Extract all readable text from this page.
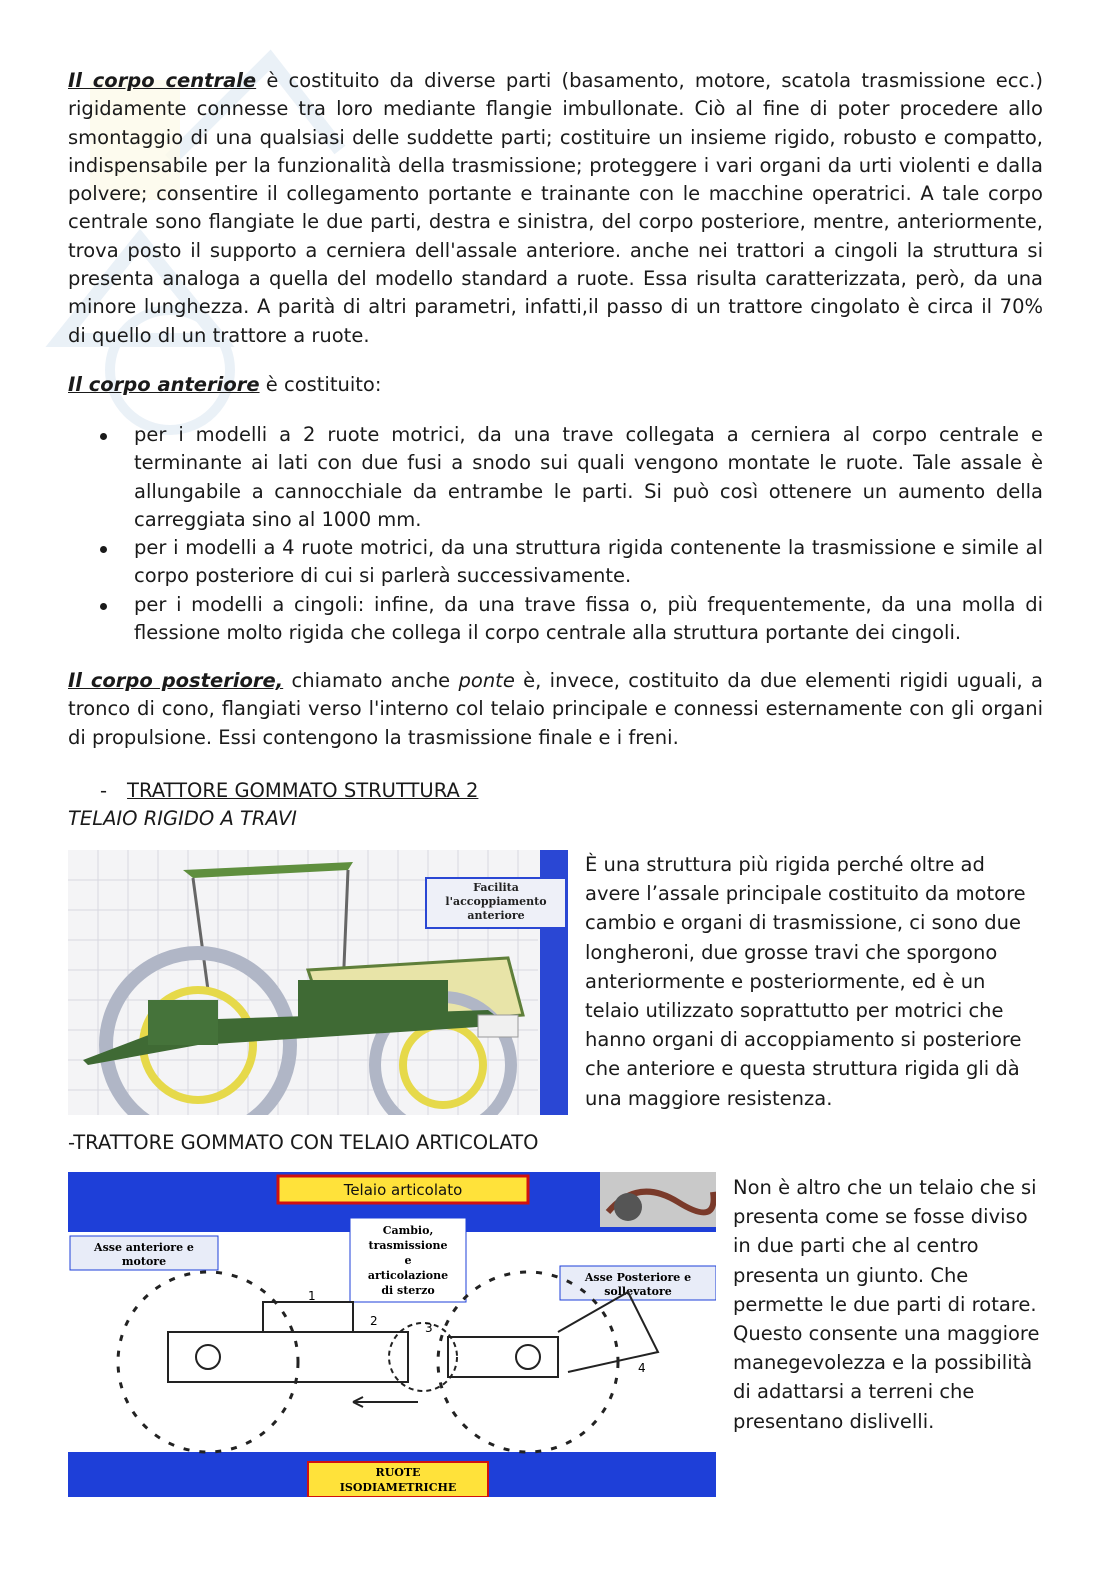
Il corpo centrale è costituito da diverse parti (basamento, motore, scatola trasmissione ecc.) rigidamente connesse tra loro mediante flangie imbullonate. Ciò al fine di poter procedere allo smontaggio di una qualsiasi delle suddette parti; costituire un insieme rigido, robusto e compatto, indispensabile per la funzionalità della trasmissione; proteggere i vari organi da urti violenti e dalla polvere; consentire il collegamento portante e trainante con le macchine operatrici. A tale corpo centrale sono flangiate le due parti, destra e sinistra, del corpo posteriore, mentre, anteriormente, trova posto il supporto a cerniera dell'assale anteriore. anche nei trattori a cingoli la struttura si presenta analoga a quella del modello standard a ruote. Essa risulta caratterizzata, però, da una minore lunghezza. A parità di altri parametri, infatti,il passo di un trattore cingolato è circa il 70% di quello dl un trattore a ruote.

Il corpo anteriore è costituito:

per i modelli a 2 ruote motrici, da una trave collegata a cerniera al corpo centrale e terminante ai lati con due fusi a snodo sui quali vengono montate le ruote. Tale assale è allungabile a cannocchiale da entrambe le parti. Si può così ottenere un aumento della carreggiata sino al 1000 mm.
per i modelli a 4 ruote motrici, da una struttura rigida contenente la trasmissione e simile al corpo posteriore di cui si parlerà successivamente.
per i modelli a cingoli: infine, da una trave fissa o, più frequentemente, da una molla di flessione molto rigida che collega il corpo centrale alla struttura portante dei cingoli.

Il corpo posteriore, chiamato anche ponte è, invece, costituito da due elementi rigidi uguali, a tronco di cono, flangiati verso l'interno col telaio principale e connessi esternamente con gli organi di propulsione. Essi contengono la trasmissione finale e i freni.

- TRATTORE GOMMATO STRUTTURA 2
TELAIO RIGIDO A TRAVI
Facilita
l'accoppiamento
anteriore

È una struttura più rigida perché oltre ad avere l’assale principale costituito da motore cambio e organi di trasmissione, ci sono due longheroni, due grosse travi che sporgono anteriormente e posteriormente, ed è un telaio utilizzato soprattutto per motrici che hanno organi di accoppiamento si posteriore che anteriore e questa struttura rigida gli dà una maggiore resistenza.

-TRATTORE GOMMATO CON TELAIO ARTICOLATO
Telaio articolato
Asse anteriore e
motore
Cambio,
trasmissione
e
articolazione
di sterzo
Asse Posteriore e
sollevatore
1
2	3
4
RUOTE
ISODIAMETRICHE

Non è altro che un telaio che si presenta come se fosse diviso in due parti che al centro presenta un giunto. Che permette le due parti di rotare. Questo consente una maggiore manegevolezza e la possibilità di adattarsi a terreni che presentano dislivelli.
